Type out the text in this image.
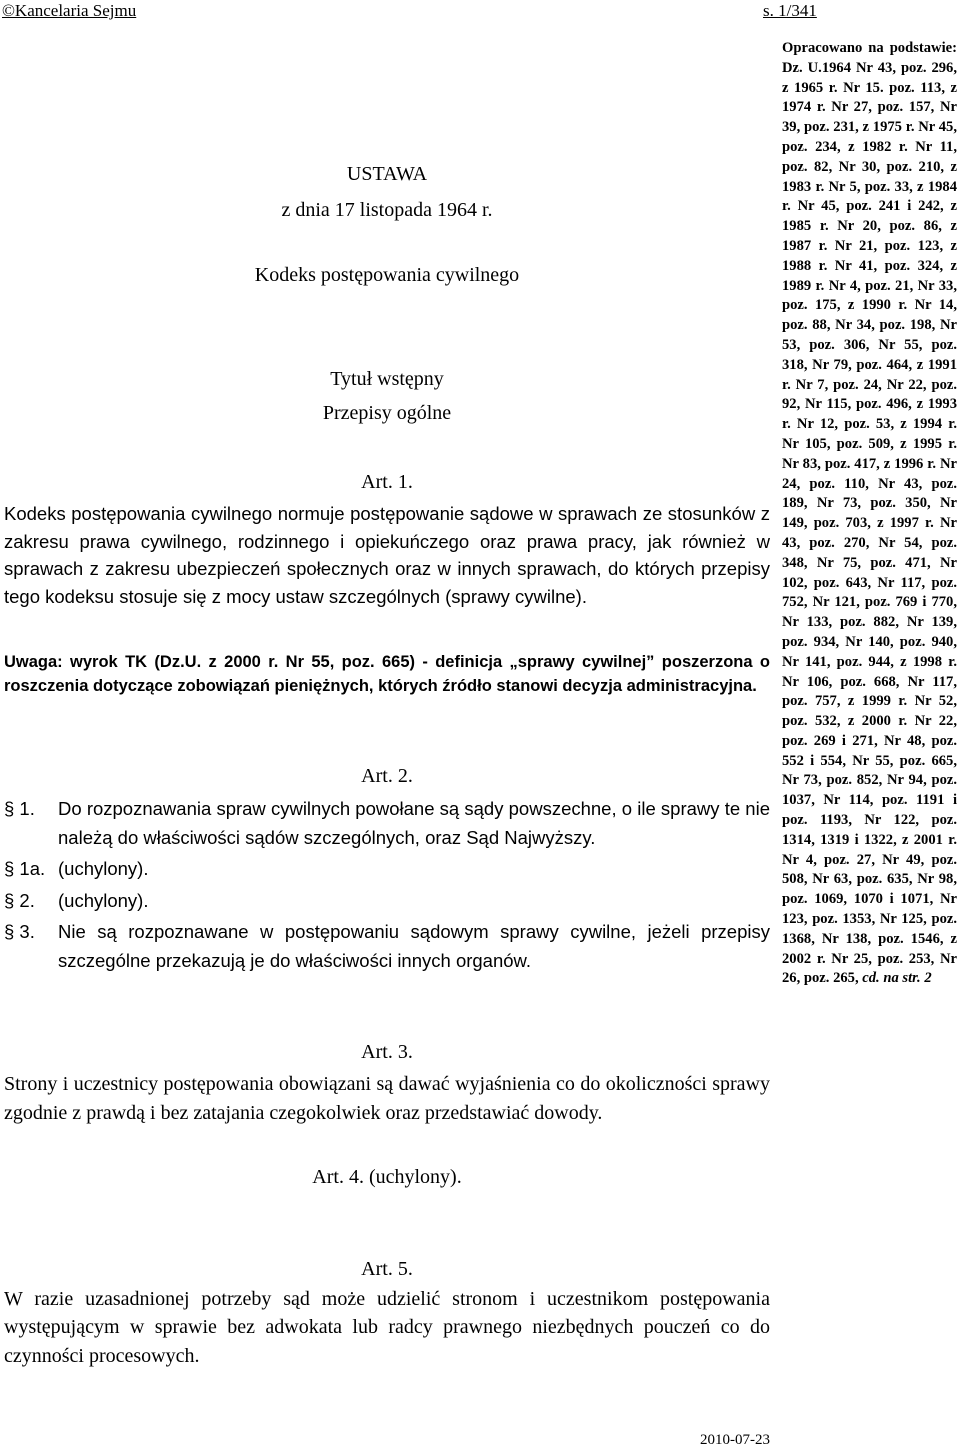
©Kancelaria Sejmu	s. 1/341
USTAWA
z dnia 17 listopada 1964 r.
Kodeks postępowania cywilnego
Tytuł wstępny
Przepisy ogólne
Art. 1.
Kodeks postępowania cywilnego normuje postępowanie sądowe w sprawach ze stosunków z zakresu prawa cywilnego, rodzinnego i opiekuńczego oraz prawa pracy, jak również w sprawach z zakresu ubezpieczeń społecznych oraz w innych sprawach, do których przepisy tego kodeksu stosuje się z mocy ustaw szczególnych (sprawy cywilne).
Uwaga: wyrok TK (Dz.U. z 2000 r. Nr 55, poz. 665) - definicja „sprawy cywilnej” poszerzona o roszczenia dotyczące zobowiązań pieniężnych, których źródło stanowi decyzja administracyjna.
Art. 2.
§ 1. Do rozpoznawania spraw cywilnych powołane są sądy powszechne, o ile sprawy te nie należą do właściwości sądów szczególnych, oraz Sąd Najwyższy.
§ 1a. (uchylony).
§ 2. (uchylony).
§ 3. Nie są rozpoznawane w postępowaniu sądowym sprawy cywilne, jeżeli przepisy szczególne przekazują je do właściwości innych organów.
Art. 3.
Strony i uczestnicy postępowania obowiązani są dawać wyjaśnienia co do okoliczności sprawy zgodnie z prawdą i bez zatajania czegokolwiek oraz przedstawiać dowody.
Art. 4. (uchylony).
Art. 5.
W razie uzasadnionej potrzeby sąd może udzielić stronom i uczestnikom postępowania występującym w sprawie bez adwokata lub radcy prawnego niezbędnych pouczeń co do czynności procesowych.
Opracowano na podstawie: Dz. U.1964 Nr 43, poz. 296, z 1965 r. Nr 15. poz. 113, z 1974 r. Nr 27, poz. 157, Nr 39, poz. 231, z 1975 r. Nr 45, poz. 234, z 1982 r. Nr 11, poz. 82, Nr 30, poz. 210, z 1983 r. Nr 5, poz. 33, z 1984 r. Nr 45, poz. 241 i 242, z 1985 r. Nr 20, poz. 86, z 1987 r. Nr 21, poz. 123, z 1988 r. Nr 41, poz. 324, z 1989 r. Nr 4, poz. 21, Nr 33, poz. 175, z 1990 r. Nr 14, poz. 88, Nr 34, poz. 198, Nr 53, poz. 306, Nr 55, poz. 318, Nr 79, poz. 464, z 1991 r. Nr 7, poz. 24, Nr 22, poz. 92, Nr 115, poz. 496, z 1993 r. Nr 12, poz. 53, z 1994 r. Nr 105, poz. 509, z 1995 r. Nr 83, poz. 417, z 1996 r. Nr 24, poz. 110, Nr 43, poz. 189, Nr 73, poz. 350, Nr 149, poz. 703, z 1997 r. Nr 43, poz. 270, Nr 54, poz. 348, Nr 75, poz. 471, Nr 102, poz. 643, Nr 117, poz. 752, Nr 121, poz. 769 i 770, Nr 133, poz. 882, Nr 139, poz. 934, Nr 140, poz. 940, Nr 141, poz. 944, z 1998 r. Nr 106, poz. 668, Nr 117, poz. 757, z 1999 r. Nr 52, poz. 532, z 2000 r. Nr 22, poz. 269 i 271, Nr 48, poz. 552 i 554, Nr 55, poz. 665, Nr 73, poz. 852, Nr 94, poz. 1037, Nr 114, poz. 1191 i poz. 1193, Nr 122, poz. 1314, 1319 i 1322, z 2001 r. Nr 4, poz. 27, Nr 49, poz. 508, Nr 63, poz. 635, Nr 98, poz. 1069, 1070 i 1071, Nr 123, poz. 1353, Nr 125, poz. 1368, Nr 138, poz. 1546, z 2002 r. Nr 25, poz. 253, Nr 26, poz. 265, cd. na str. 2
2010-07-23
